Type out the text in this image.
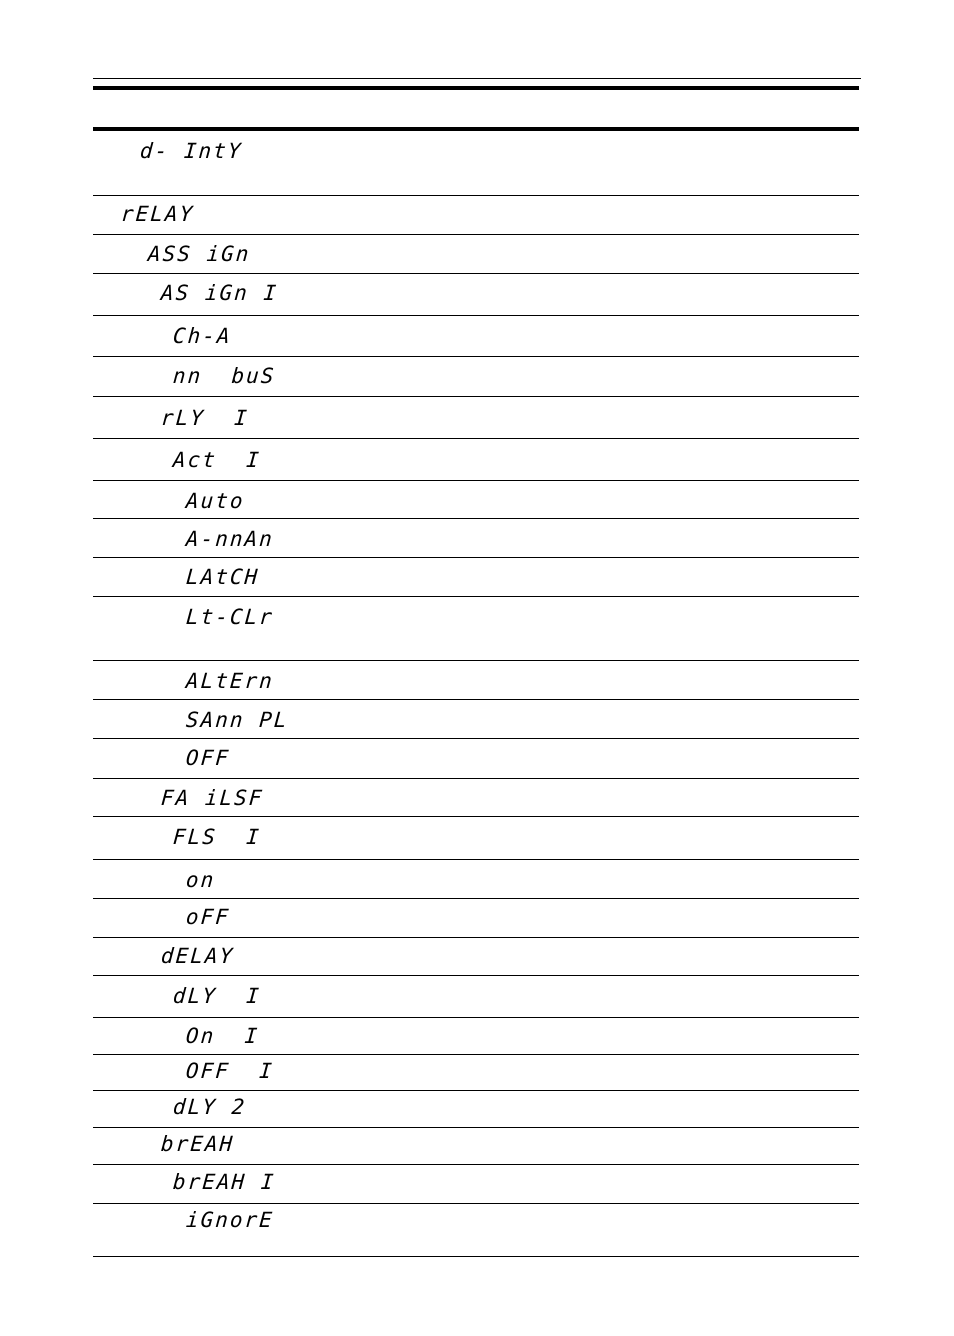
d- IntY
rELAY
ASS iGn
AS iGn I
Ch-A
nn  buS
rLY  I
Act  I
Auto
A-nnAn
LAtCH
Lt-CLr
ALtErn
SAnn PL
OFF
FA iLSF
FLS  I
on
oFF
dELAY
dLY  I
On  I
OFF  I
dLY 2
brEAH
brEAH I
iGnorE
